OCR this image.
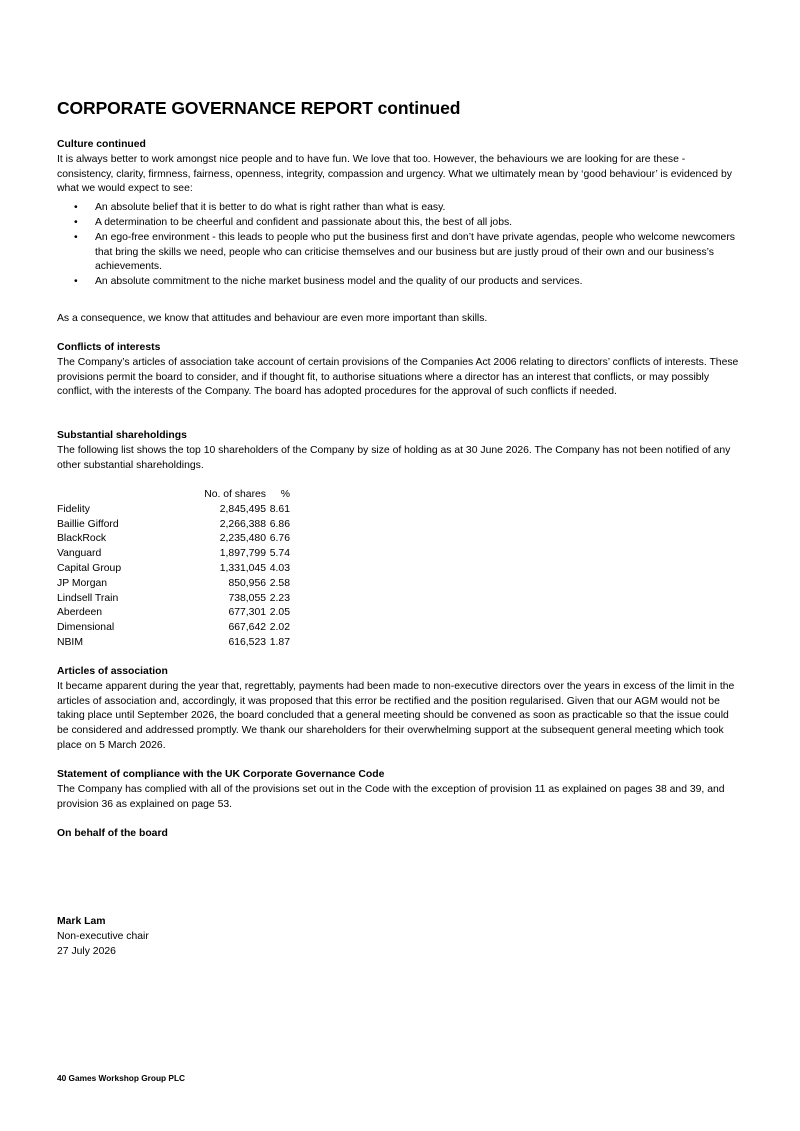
CORPORATE GOVERNANCE REPORT continued
Culture continued
It is always better to work amongst nice people and to have fun. We love that too. However, the behaviours we are looking for are these - consistency, clarity, firmness, fairness, openness, integrity, compassion and urgency. What we ultimately mean by ‘good behaviour’ is evidenced by what we would expect to see:
• An absolute belief that it is better to do what is right rather than what is easy.
• A determination to be cheerful and confident and passionate about this, the best of all jobs.
• An ego-free environment - this leads to people who put the business first and don’t have private agendas, people who welcome newcomers that bring the skills we need, people who can criticise themselves and our business but are justly proud of their own and our business’s achievements.
• An absolute commitment to the niche market business model and the quality of our products and services.
As a consequence, we know that attitudes and behaviour are even more important than skills.
Conflicts of interests
The Company’s articles of association take account of certain provisions of the Companies Act 2006 relating to directors’ conflicts of interests. These provisions permit the board to consider, and if thought fit, to authorise situations where a director has an interest that conflicts, or may possibly conflict, with the interests of the Company. The board has adopted procedures for the approval of such conflicts if needed.
Substantial shareholdings
The following list shows the top 10 shareholders of the Company by size of holding as at 30 June 2026. The Company has not been notified of any other substantial shareholdings.
	No. of shares	%
Fidelity	2,845,495	8.61
Baillie Gifford	2,266,388	6.86
BlackRock	2,235,480	6.76
Vanguard	1,897,799	5.74
Capital Group	1,331,045	4.03
JP Morgan	850,956	2.58
Lindsell Train	738,055	2.23
Aberdeen	677,301	2.05
Dimensional	667,642	2.02
NBIM	616,523	1.87
Articles of association
It became apparent during the year that, regrettably, payments had been made to non-executive directors over the years in excess of the limit in the articles of association and, accordingly, it was proposed that this error be rectified and the position regularised. Given that our AGM would not be taking place until September 2026, the board concluded that a general meeting should be convened as soon as practicable so that the issue could be considered and addressed promptly. We thank our shareholders for their overwhelming support at the subsequent general meeting which took place on 5 March 2026.
Statement of compliance with the UK Corporate Governance Code
The Company has complied with all of the provisions set out in the Code with the exception of provision 11 as explained on pages 38 and 39, and provision 36 as explained on page 53.
On behalf of the board
Mark Lam
Non-executive chair
27 July 2026
40 Games Workshop Group PLC
